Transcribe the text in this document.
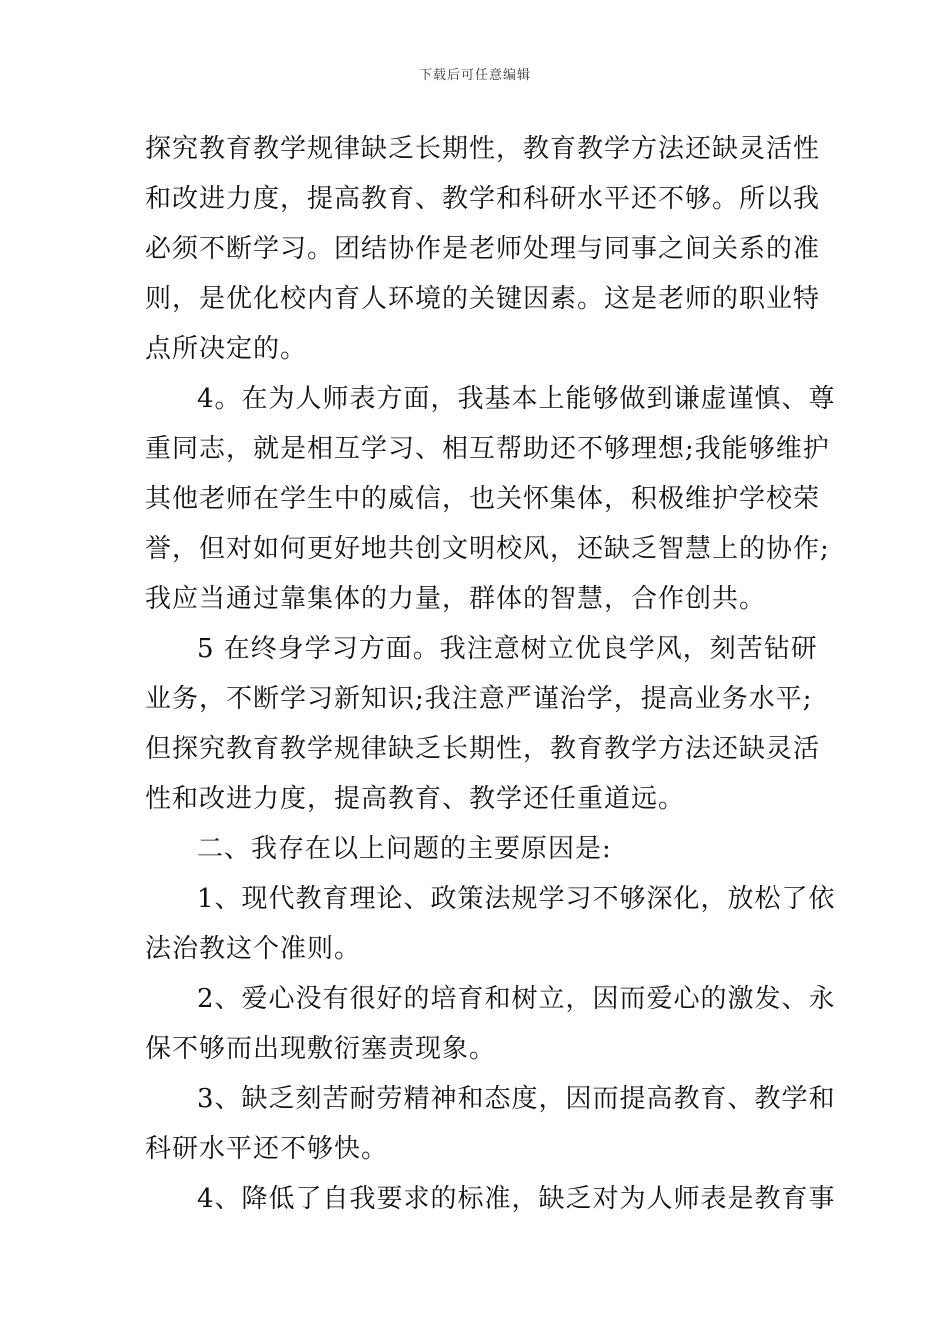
下载后可任意编辑
探究教育教学规律缺乏长期性，教育教学方法还缺灵活性
和改进力度，提高教育、教学和科研水平还不够。所以我
必须不断学习。团结协作是老师处理与同事之间关系的准
则，是优化校内育人环境的关键因素。这是老师的职业特
点所决定的。
4。在为人师表方面，我基本上能够做到谦虚谨慎、尊
重同志，就是相互学习、相互帮助还不够理想;我能够维护
其他老师在学生中的威信，也关怀集体，积极维护学校荣
誉，但对如何更好地共创文明校风，还缺乏智慧上的协作;
我应当通过靠集体的力量，群体的智慧，合作创共。
5 在终身学习方面。我注意树立优良学风，刻苦钻研
业务，不断学习新知识;我注意严谨治学，提高业务水平;
但探究教育教学规律缺乏长期性，教育教学方法还缺灵活
性和改进力度，提高教育、教学还任重道远。
二、我存在以上问题的主要原因是:
1、现代教育理论、政策法规学习不够深化，放松了依
法治教这个准则。
2、爱心没有很好的培育和树立，因而爱心的激发、永
保不够而出现敷衍塞责现象。
3、缺乏刻苦耐劳精神和态度，因而提高教育、教学和
科研水平还不够快。
4、降低了自我要求的标准，缺乏对为人师表是教育事
